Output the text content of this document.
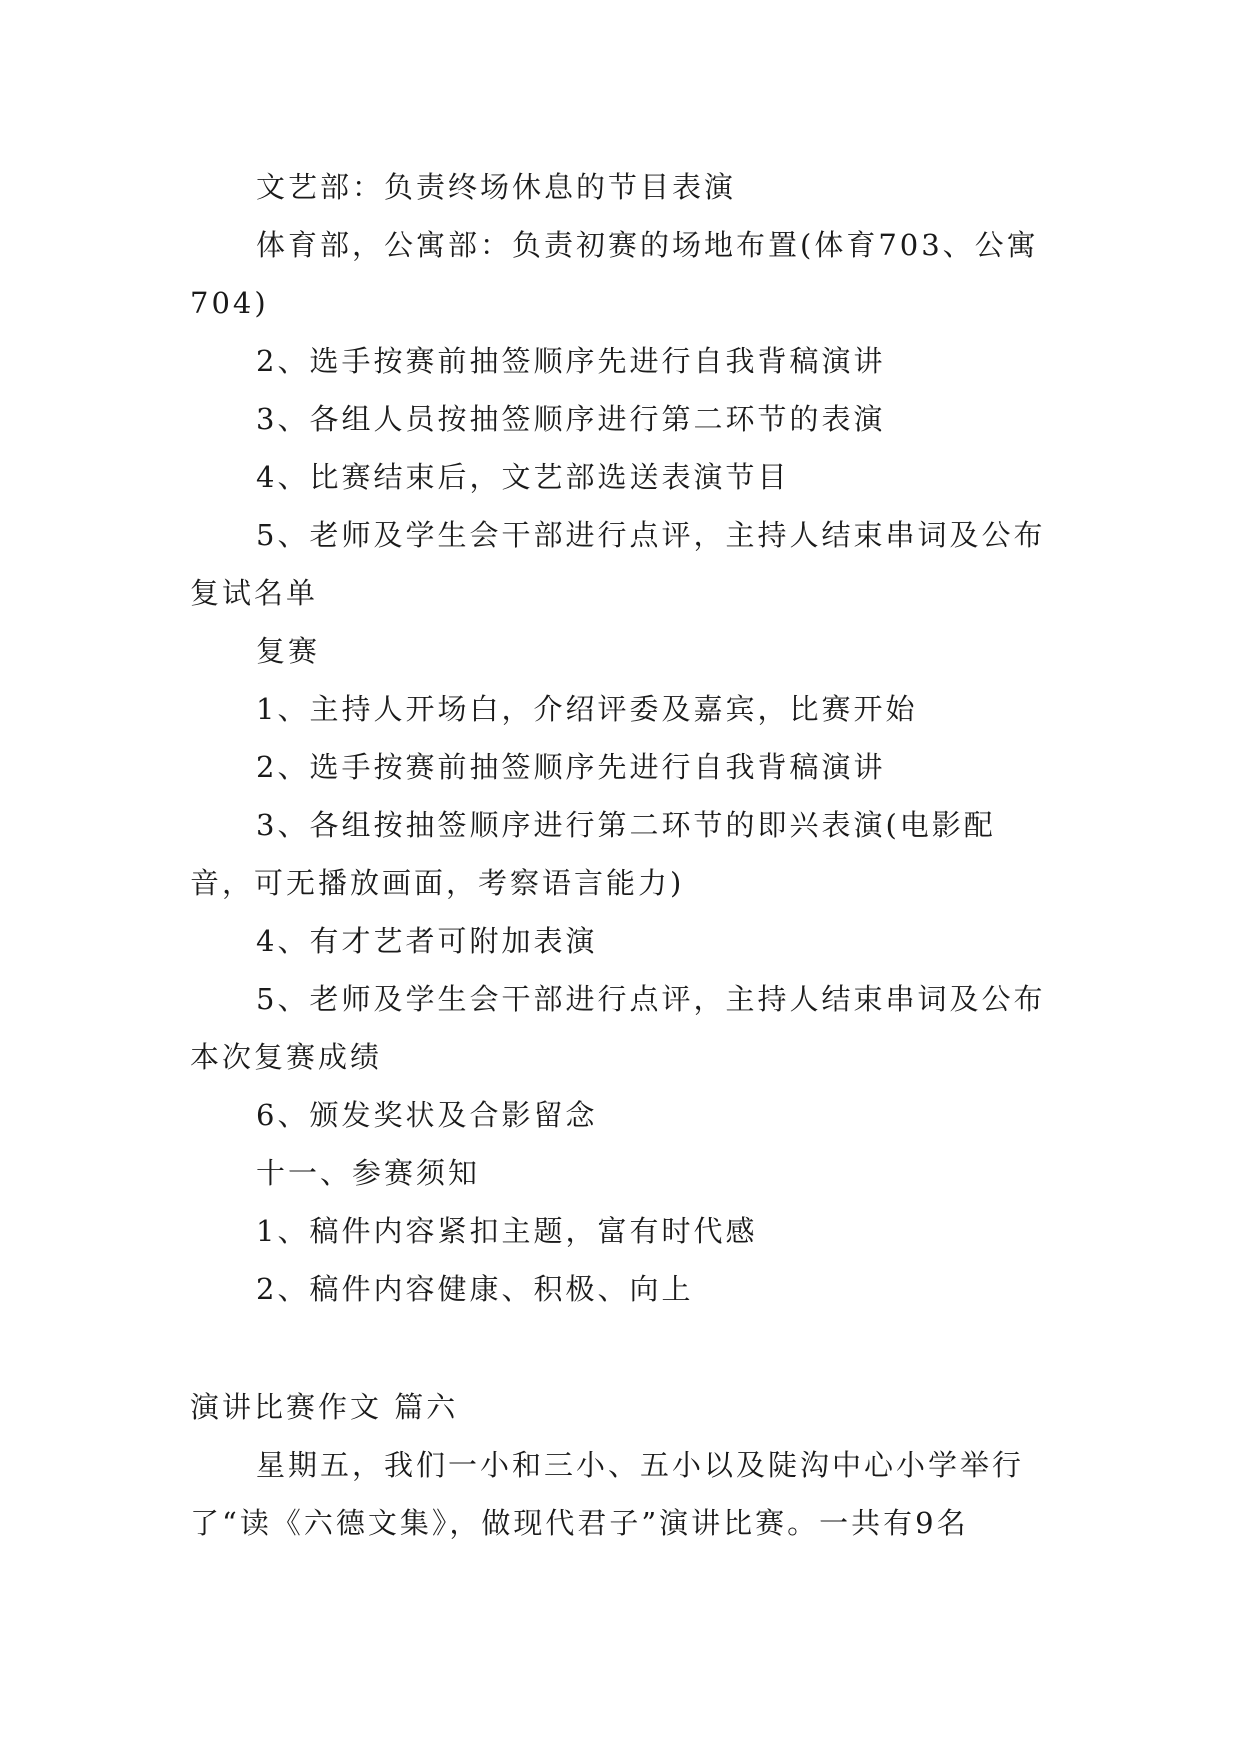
文艺部：负责终场休息的节目表演

体育部，公寓部：负责初赛的场地布置(体育703、公寓704)

2、选手按赛前抽签顺序先进行自我背稿演讲

3、各组人员按抽签顺序进行第二环节的表演

4、比赛结束后，文艺部选送表演节目

5、老师及学生会干部进行点评，主持人结束串词及公布复试名单

复赛

1、主持人开场白，介绍评委及嘉宾，比赛开始

2、选手按赛前抽签顺序先进行自我背稿演讲

3、各组按抽签顺序进行第二环节的即兴表演(电影配音，可无播放画面，考察语言能力)

4、有才艺者可附加表演

5、老师及学生会干部进行点评，主持人结束串词及公布本次复赛成绩

6、颁发奖状及合影留念

十一、参赛须知

1、稿件内容紧扣主题，富有时代感

2、稿件内容健康、积极、向上

演讲比赛作文 篇六

星期五，我们一小和三小、五小以及陡沟中心小学举行了“读《六德文集》，做现代君子”演讲比赛。一共有9名
